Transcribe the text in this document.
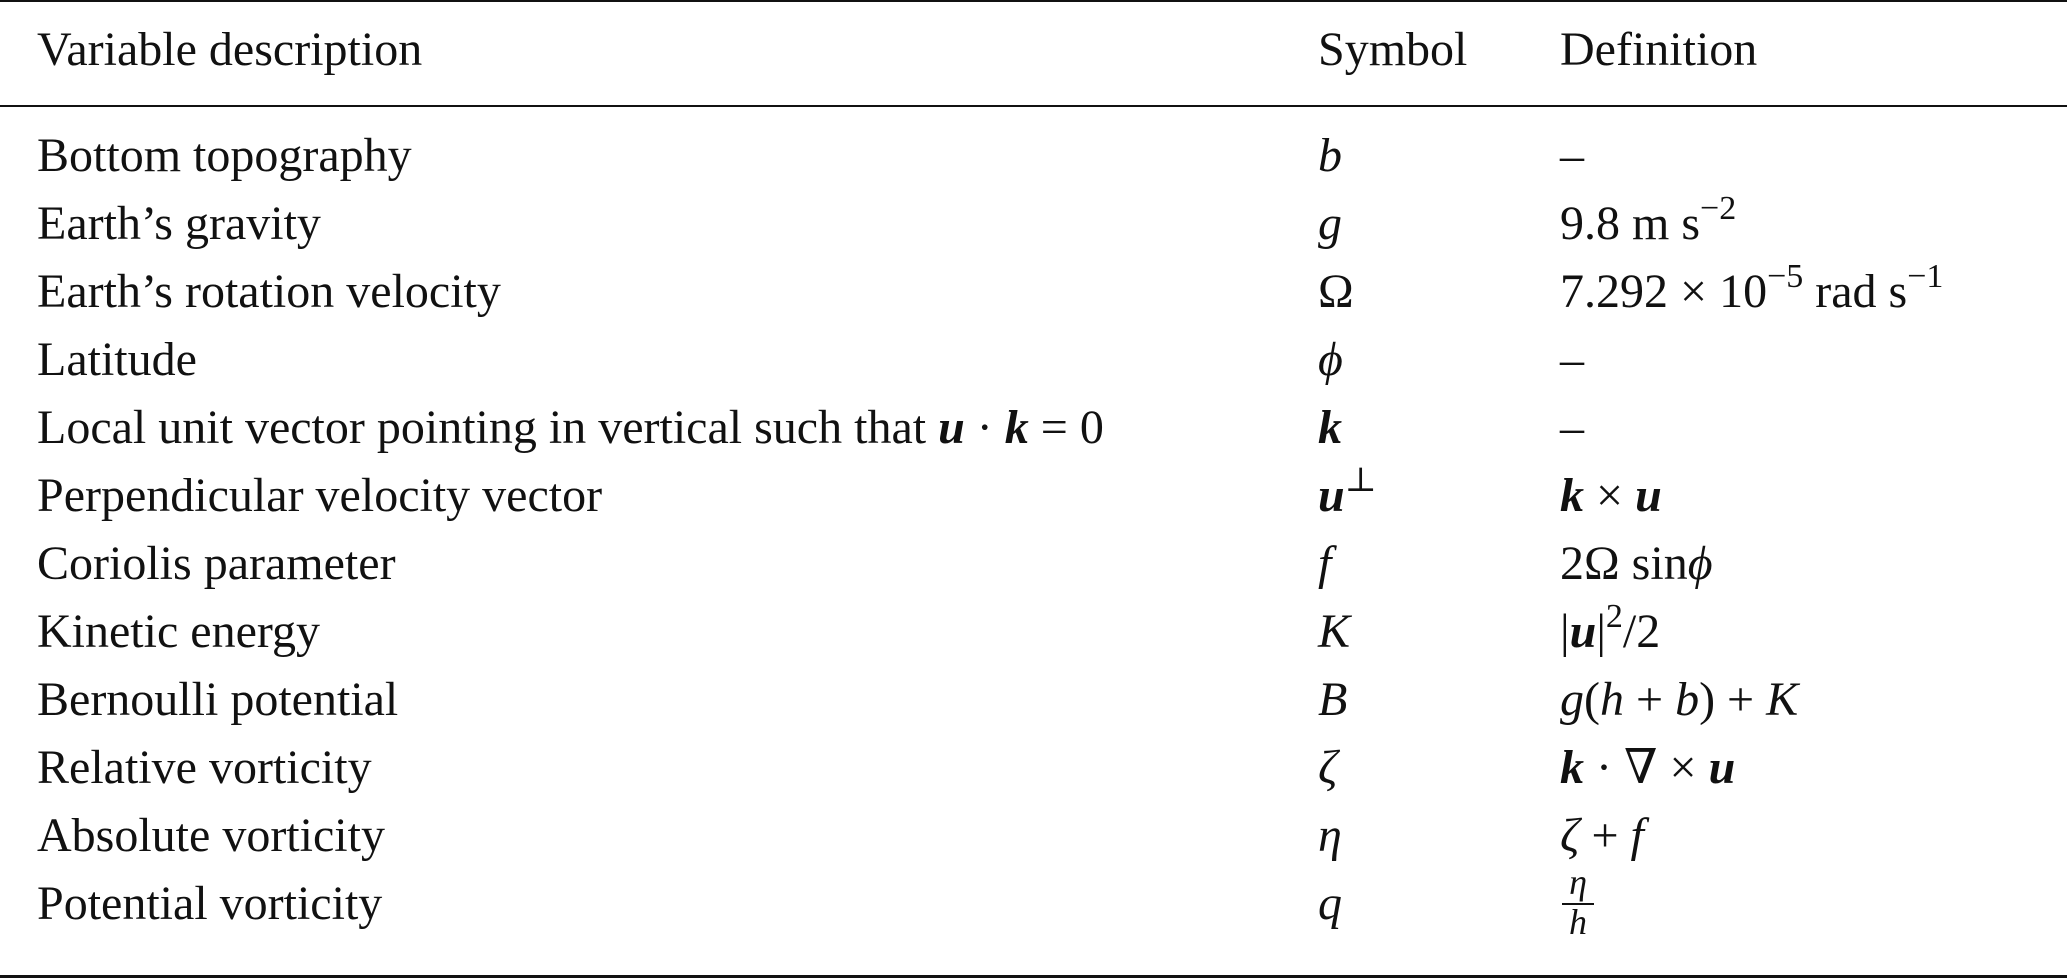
Variable description	Symbol Definition
Bottom topography	b	–
Earth’s gravity	g	9.8 m $s^{-2}$
Earth’s rotation velocity	Ω	$7.292 \times 10^{-5}$ rad $s^{-1}$
Latitude	ϕ	–
Local unit vector pointing in vertical such that u · k = 0	k	–
Perpendicular velocity vector	u⊥	k × u
Coriolis parameter	f	2Ω sinϕ
Kinetic energy	K	$|u|^2/2$
Bernoulli potential	B	g(h + b) + K
Relative vorticity	ζ	k · ∇ × u
Absolute vorticity	η	ζ + f
Potential vorticity	q	$\frac{\eta}{h}$
